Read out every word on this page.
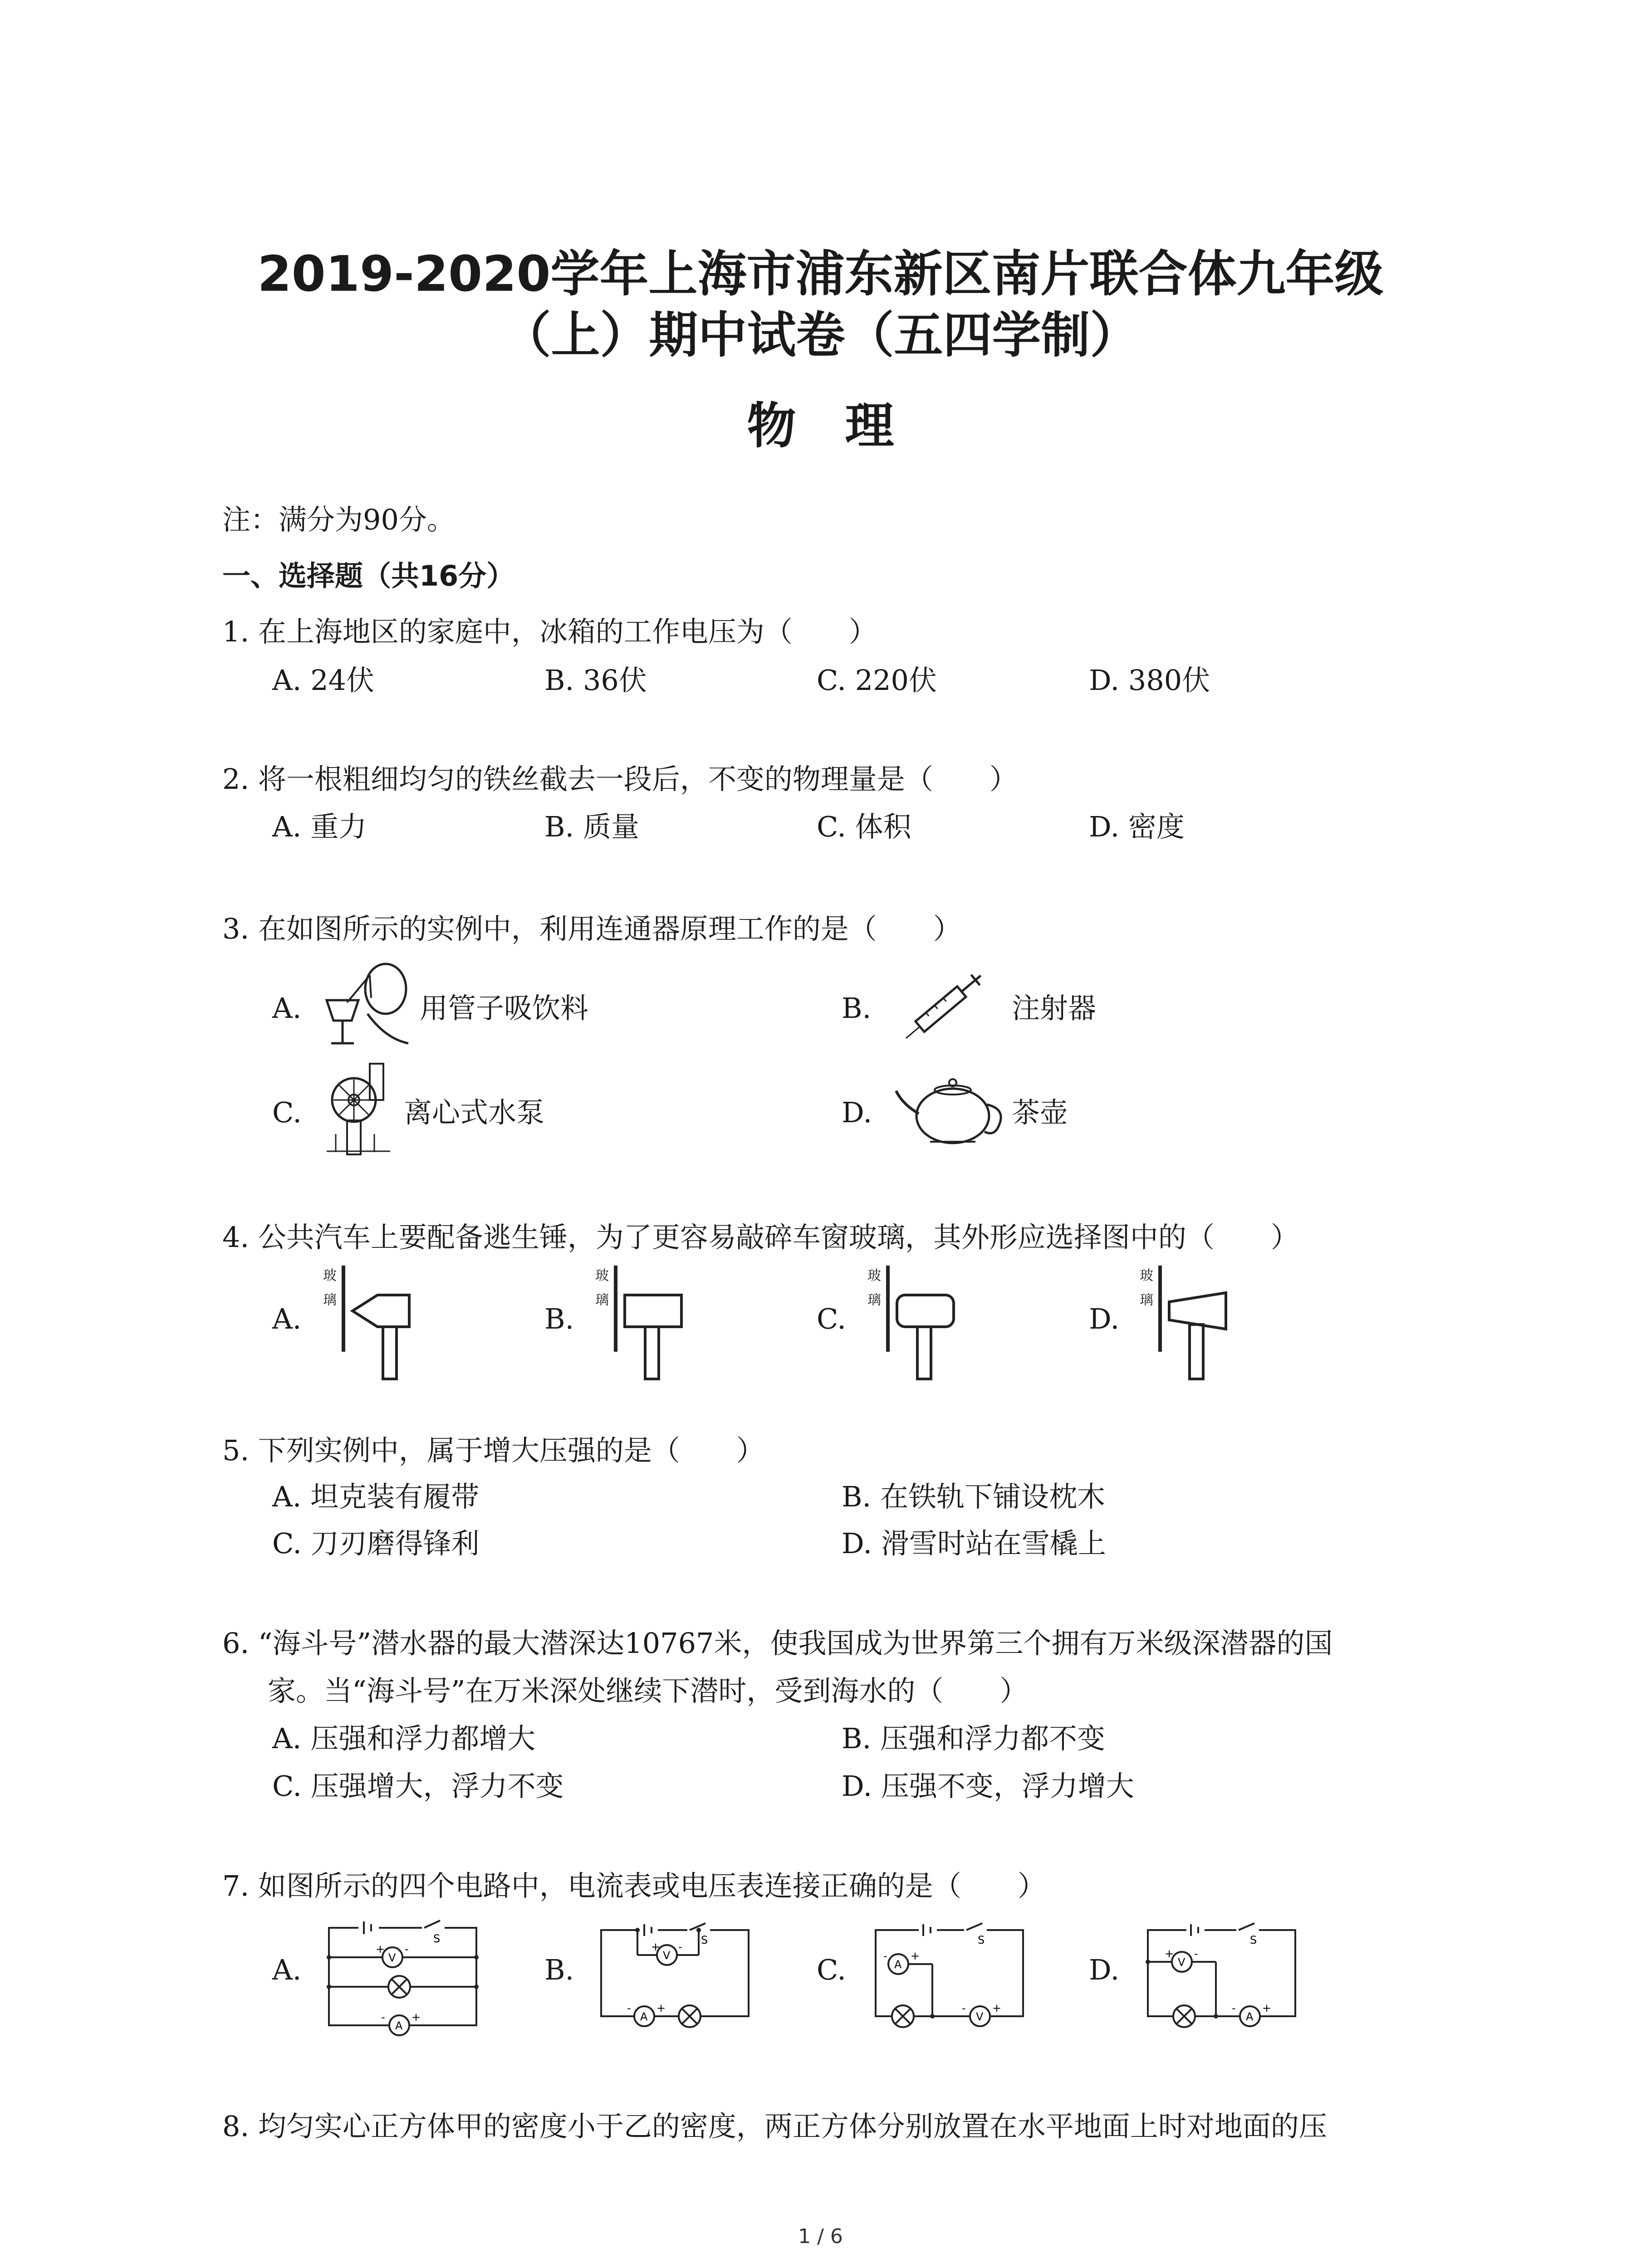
2019-2020学年上海市浦东新区南片联合体九年级
（上）期中试卷（五四学制）
物　理
注：满分为90分。
一、选择题（共16分）
1. 在上海地区的家庭中，冰箱的工作电压为（　　）
A. 24伏	B. 36伏	C. 220伏	D. 380伏
2. 将一根粗细均匀的铁丝截去一段后，不变的物理量是（　　）
A. 重力	B. 质量	C. 体积	D. 密度
3. 在如图所示的实例中，利用连通器原理工作的是（　　）
A.	用管子吸饮料	B.	注射器
C.	离心式水泵	D.	茶壶
4. 公共汽车上要配备逃生锤，为了更容易敲碎车窗玻璃，其外形应选择图中的（　　）
A.
玻
璃
B.
玻
璃
C.
玻
璃
D.
玻
璃
5. 下列实例中，属于增大压强的是（　　）
A. 坦克装有履带	B. 在铁轨下铺设枕木
C. 刀刃磨得锋利	D. 滑雪时站在雪橇上
6. “海斗号”潜水器的最大潜深达10767米，使我国成为世界第三个拥有万米级深潜器的国
家。当“海斗号”在万米深处继续下潜时，受到海水的（　　）
A. 压强和浮力都增大	B. 压强和浮力都不变
C. 压强增大，浮力不变	D. 压强不变，浮力增大
7. 如图所示的四个电路中，电流表或电压表连接正确的是（　　）
A.
S
V
+ -
A
- +
B.
S
V
+ -
A
- +
C.
S
A
- +
V
- +
D.
S
V
+ -
A
- +
8. 均匀实心正方体甲的密度小于乙的密度，两正方体分别放置在水平地面上时对地面的压
1 / 6
